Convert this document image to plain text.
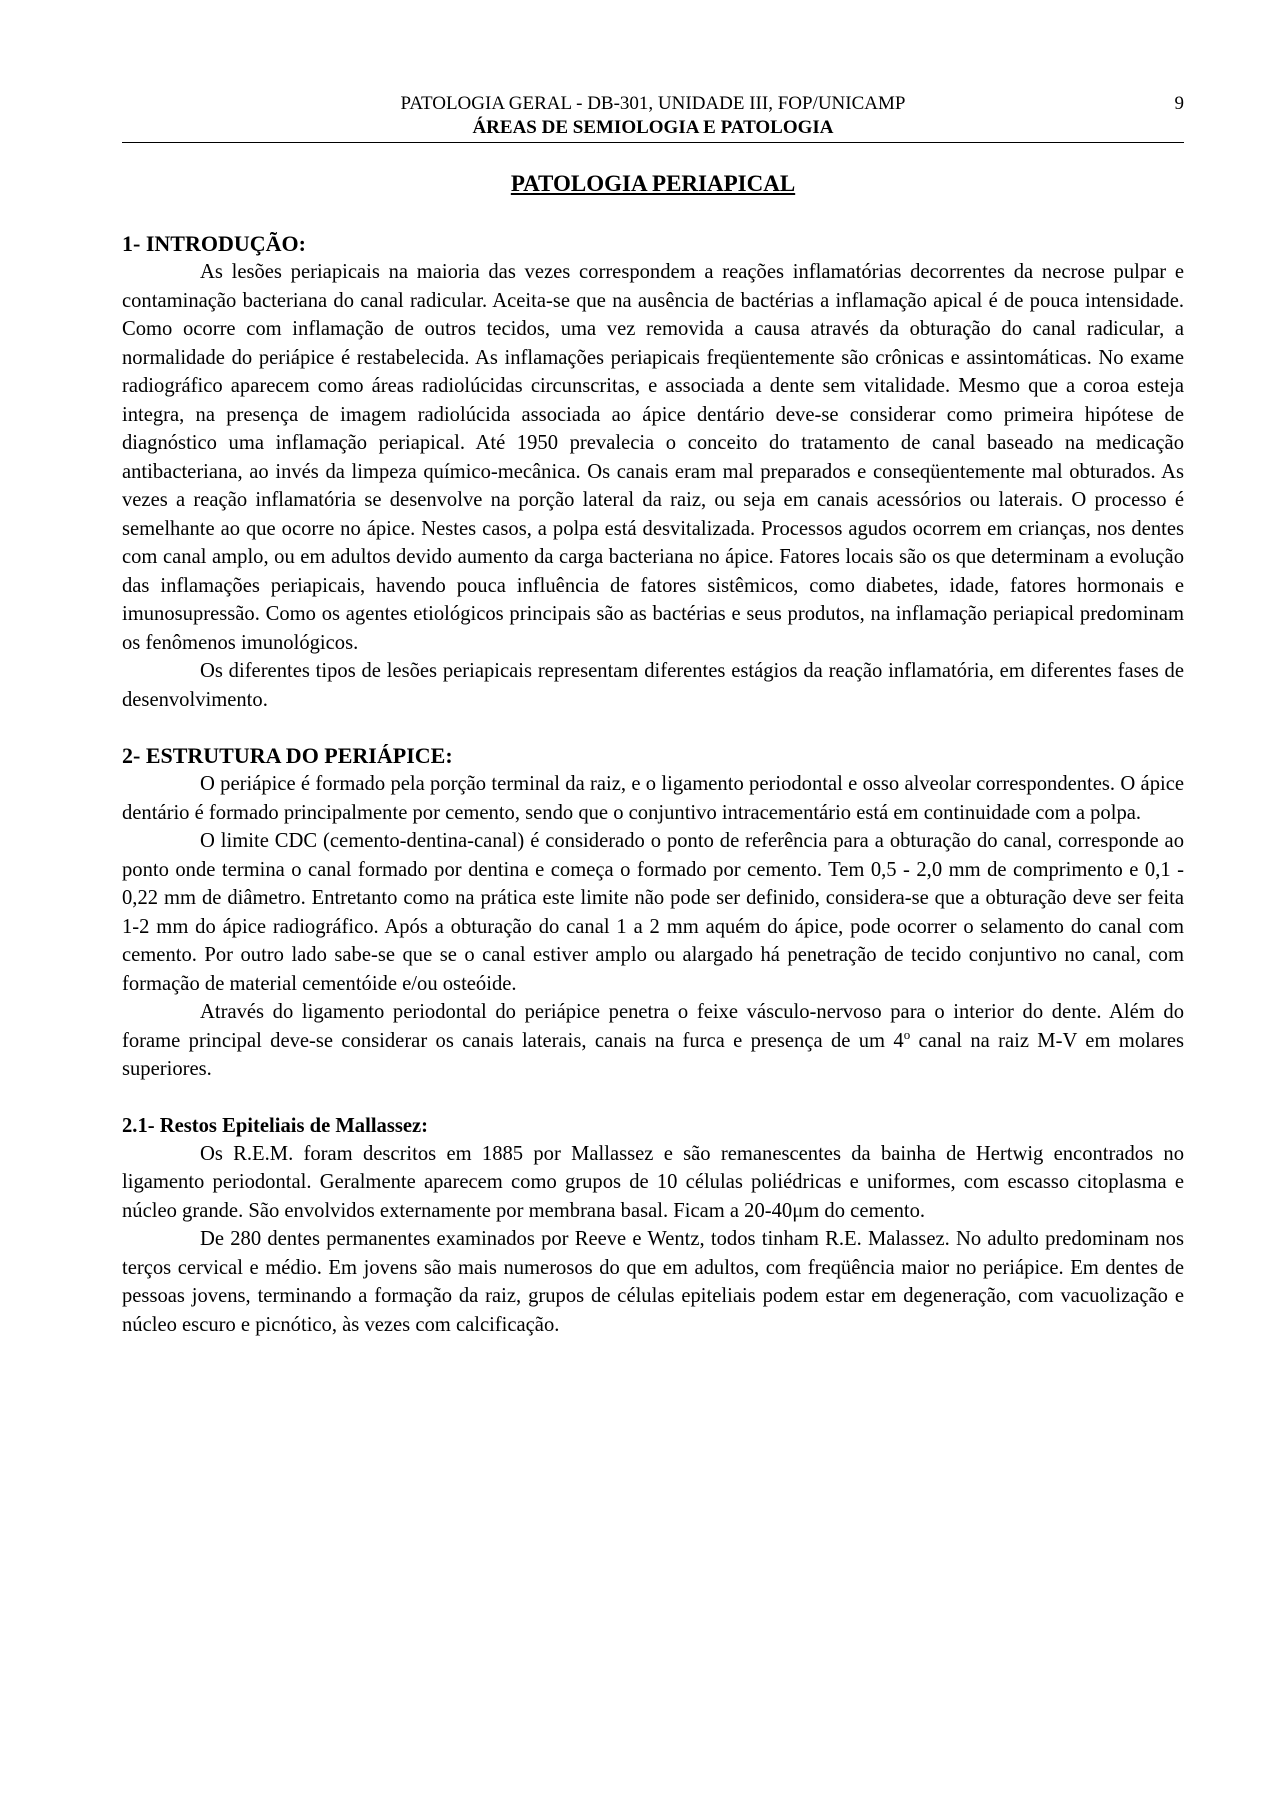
PATOLOGIA GERAL - DB-301, UNIDADE III, FOP/UNICAMP
ÁREAS DE SEMIOLOGIA E PATOLOGIA
9
PATOLOGIA PERIAPICAL
1- INTRODUÇÃO:

As lesões periapicais na maioria das vezes correspondem a reações inflamatórias decorrentes da necrose pulpar e contaminação bacteriana do canal radicular. Aceita-se que na ausência de bactérias a inflamação apical é de pouca intensidade. Como ocorre com inflamação de outros tecidos, uma vez removida a causa através da obturação do canal radicular, a normalidade do periápice é restabelecida. As inflamações periapicais freqüentemente são crônicas e assintomáticas. No exame radiográfico aparecem como áreas radiolúcidas circunscritas, e associada a dente sem vitalidade. Mesmo que a coroa esteja integra, na presença de imagem radiolúcida associada ao ápice dentário deve-se considerar como primeira hipótese de diagnóstico uma inflamação periapical. Até 1950 prevalecia o conceito do tratamento de canal baseado na medicação antibacteriana, ao invés da limpeza químico-mecânica. Os canais eram mal preparados e conseqüentemente mal obturados. As vezes a reação inflamatória se desenvolve na porção lateral da raiz, ou seja em canais acessórios ou laterais. O processo é semelhante ao que ocorre no ápice. Nestes casos, a polpa está desvitalizada. Processos agudos ocorrem em crianças, nos dentes com canal amplo, ou em adultos devido aumento da carga bacteriana no ápice. Fatores locais são os que determinam a evolução das inflamações periapicais, havendo pouca influência de fatores sistêmicos, como diabetes, idade, fatores hormonais e imunosupressão. Como os agentes etiológicos principais são as bactérias e seus produtos, na inflamação periapical predominam os fenômenos imunológicos.

Os diferentes tipos de lesões periapicais representam diferentes estágios da reação inflamatória, em diferentes fases de desenvolvimento.

2- ESTRUTURA DO PERIÁPICE:

O periápice é formado pela porção terminal da raiz, e o ligamento periodontal e osso alveolar correspondentes. O ápice dentário é formado principalmente por cemento, sendo que o conjuntivo intracementário está em continuidade com a polpa.

O limite CDC (cemento-dentina-canal) é considerado o ponto de referência para a obturação do canal, corresponde ao ponto onde termina o canal formado por dentina e começa o formado por cemento. Tem 0,5 - 2,0 mm de comprimento e 0,1 - 0,22 mm de diâmetro. Entretanto como na prática este limite não pode ser definido, considera-se que a obturação deve ser feita 1-2 mm do ápice radiográfico. Após a obturação do canal 1 a 2 mm aquém do ápice, pode ocorrer o selamento do canal com cemento. Por outro lado sabe-se que se o canal estiver amplo ou alargado há penetração de tecido conjuntivo no canal, com formação de material cementóide e/ou osteóide.

Através do ligamento periodontal do periápice penetra o feixe vásculo-nervoso para o interior do dente. Além do forame principal deve-se considerar os canais laterais, canais na furca e presença de um 4$^o$ canal na raiz M-V em molares superiores.

2.1- Restos Epiteliais de Mallassez:

Os R.E.M. foram descritos em 1885 por Mallassez e são remanescentes da bainha de Hertwig encontrados no ligamento periodontal. Geralmente aparecem como grupos de 10 células poliédricas e uniformes, com escasso citoplasma e núcleo grande. São envolvidos externamente por membrana basal. Ficam a 20-40μm do cemento.

De 280 dentes permanentes examinados por Reeve e Wentz, todos tinham R.E. Malassez. No adulto predominam nos terços cervical e médio. Em jovens são mais numerosos do que em adultos, com freqüência maior no periápice. Em dentes de pessoas jovens, terminando a formação da raiz, grupos de células epiteliais podem estar em degeneração, com vacuolização e núcleo escuro e picnótico, às vezes com calcificação.
